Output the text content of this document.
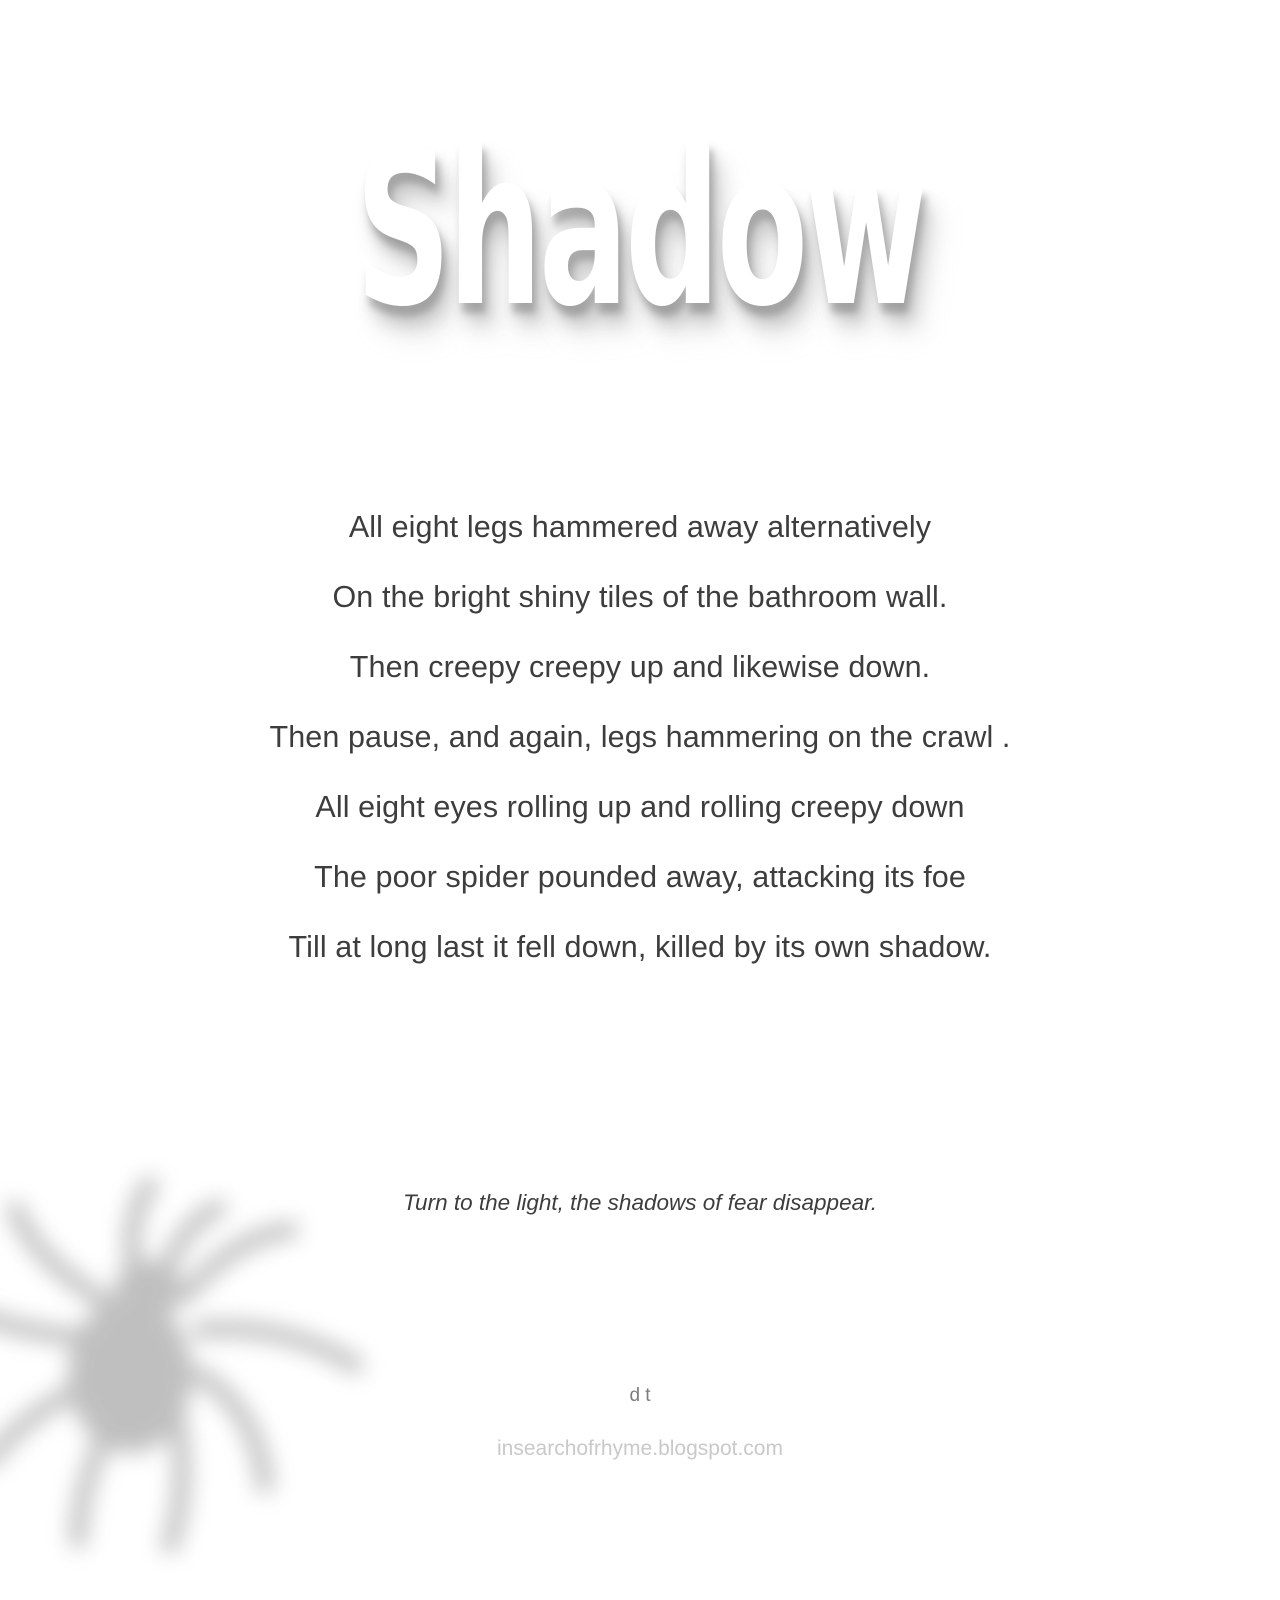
Shadow
All eight legs hammered away alternatively
On the bright shiny tiles of the bathroom wall.
Then creepy creepy up and likewise down.
Then pause, and again, legs hammering on the crawl .
All eight eyes rolling up and rolling creepy down
The poor spider pounded away, attacking its foe
Till at long last it fell down, killed by its own shadow.
Turn to the light, the shadows of fear disappear.
d t
insearchofrhyme.blogspot.com
